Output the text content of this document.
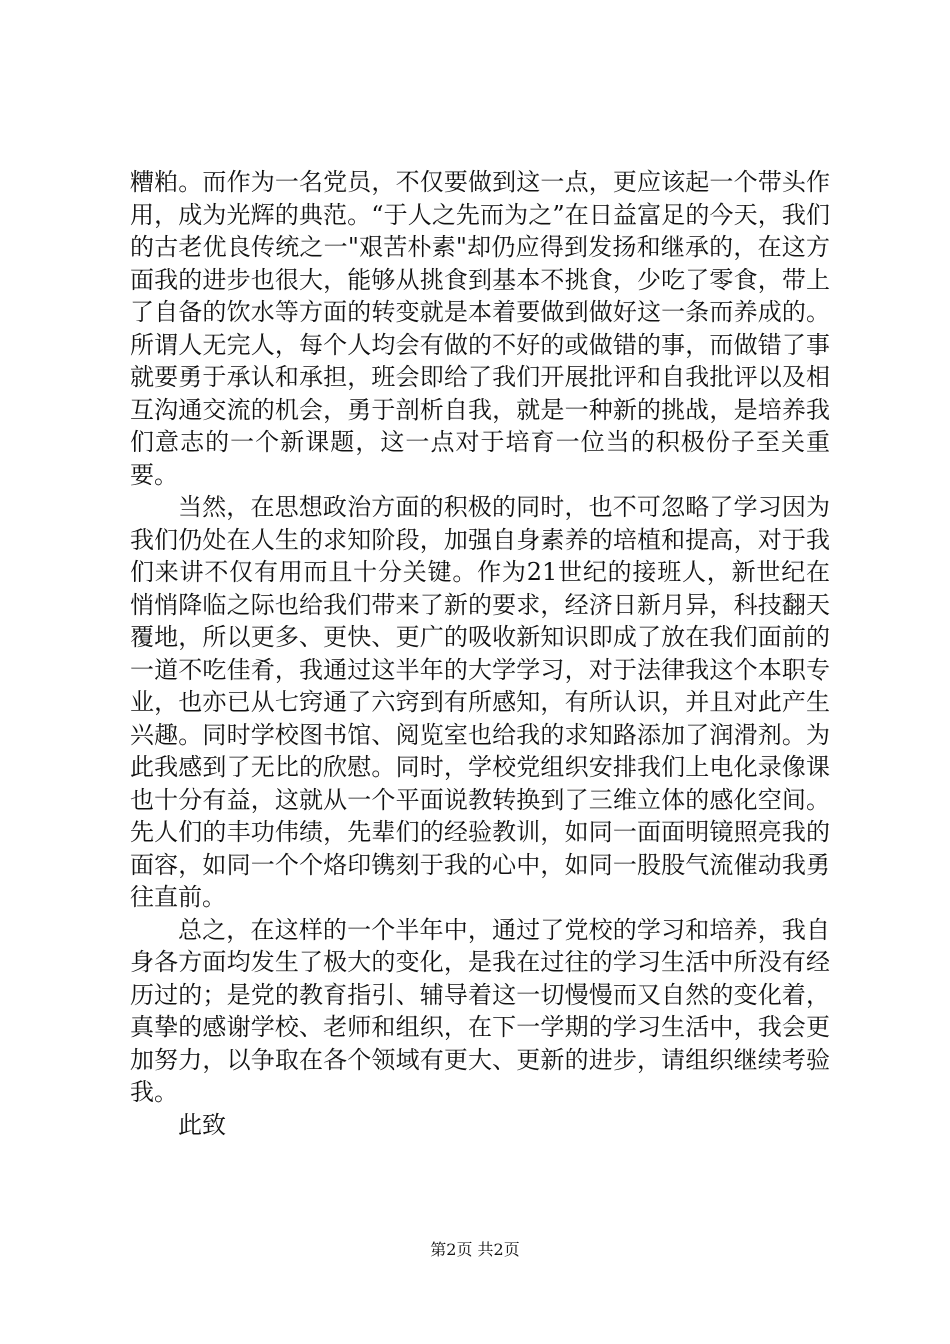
糟粕。而作为一名党员，不仅要做到这一点，更应该起一个带头作用，成为光辉的典范。“于人之先而为之”在日益富足的今天，我们的古老优良传统之一"艰苦朴素"却仍应得到发扬和继承的，在这方面我的进步也很大，能够从挑食到基本不挑食，少吃了零食，带上了自备的饮水等方面的转变就是本着要做到做好这一条而养成的。所谓人无完人，每个人均会有做的不好的或做错的事，而做错了事就要勇于承认和承担，班会即给了我们开展批评和自我批评以及相互沟通交流的机会，勇于剖析自我，就是一种新的挑战，是培养我们意志的一个新课题，这一点对于培育一位当的积极份子至关重要。

当然，在思想政治方面的积极的同时，也不可忽略了学习因为我们仍处在人生的求知阶段，加强自身素养的培植和提高，对于我们来讲不仅有用而且十分关键。作为21世纪的接班人，新世纪在悄悄降临之际也给我们带来了新的要求，经济日新月异，科技翻天覆地，所以更多、更快、更广的吸收新知识即成了放在我们面前的一道不吃佳肴，我通过这半年的大学学习，对于法律我这个本职专业，也亦已从七窍通了六窍到有所感知，有所认识，并且对此产生兴趣。同时学校图书馆、阅览室也给我的求知路添加了润滑剂。为此我感到了无比的欣慰。同时，学校党组织安排我们上电化录像课也十分有益，这就从一个平面说教转换到了三维立体的感化空间。先人们的丰功伟绩，先辈们的经验教训，如同一面面明镜照亮我的面容，如同一个个烙印镌刻于我的心中，如同一股股气流催动我勇往直前。

总之，在这样的一个半年中，通过了党校的学习和培养，我自身各方面均发生了极大的变化，是我在过往的学习生活中所没有经历过的；是党的教育指引、辅导着这一切慢慢而又自然的变化着，真挚的感谢学校、老师和组织，在下一学期的学习生活中，我会更加努力，以争取在各个领域有更大、更新的进步，请组织继续考验我。

此致

第2页 共2页
